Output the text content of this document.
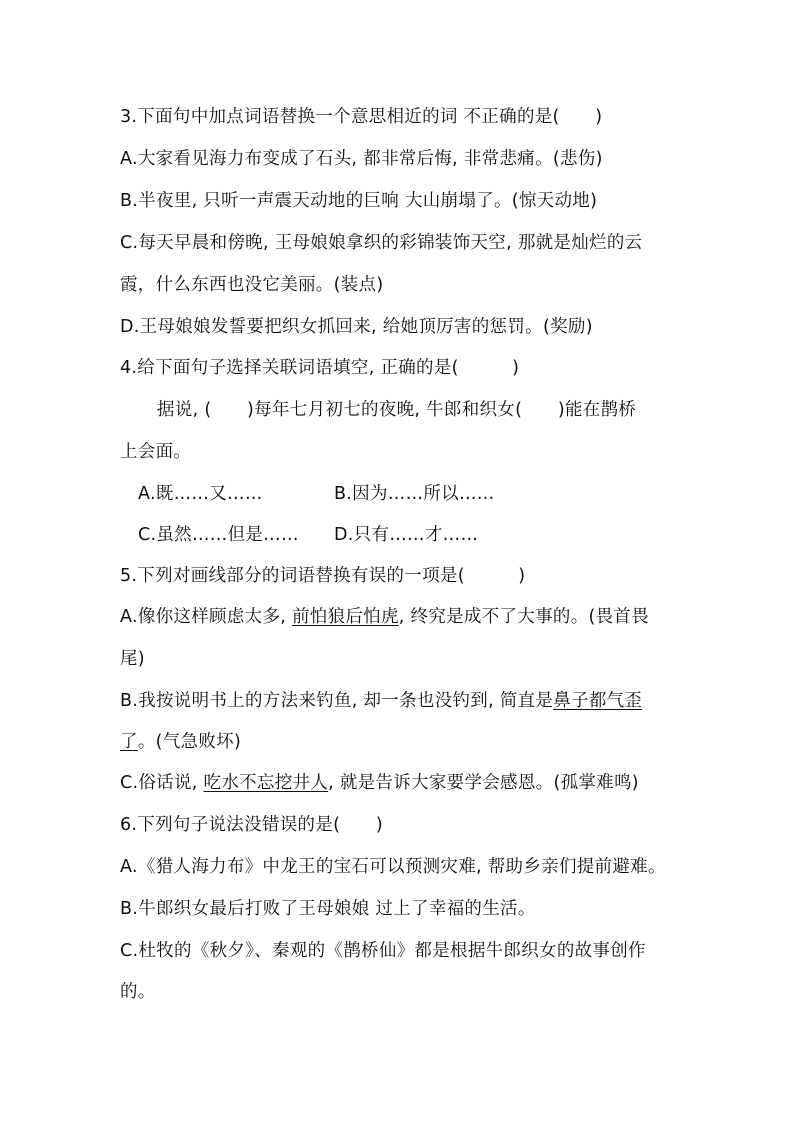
3.下面句中加点词语替换一个意思相近的词 不正确的是(　　)
A.大家看见海力布变成了石头, 都非常后悔, 非常悲痛。(悲伤)
B.半夜里, 只听一声震天动地的巨响 大山崩塌了。(惊天动地)
C.每天早晨和傍晚, 王母娘娘拿织的彩锦装饰天空, 那就是灿烂的云
霞，什么东西也没它美丽。(装点)
D.王母娘娘发誓要把织女抓回来, 给她顶厉害的惩罚。(奖励)
4.给下面句子选择关联词语填空, 正确的是(　　　)
据说, (　　)每年七月初七的夜晚, 牛郎和织女(　　)能在鹊桥
上会面。
A.既……又……	B.因为……所以……
C.虽然……但是…… D.只有……才……
5.下列对画线部分的词语替换有误的一项是(　　　)
A.像你这样顾虑太多, 前怕狼后怕虎, 终究是成不了大事的。(畏首畏
尾)
B.我按说明书上的方法来钓鱼, 却一条也没钓到, 简直是鼻子都气歪
了。(气急败坏)
C.俗话说, 吃水不忘挖井人, 就是告诉大家要学会感恩。(孤掌难鸣)
6.下列句子说法没错误的是(　　)
A.《猎人海力布》中龙王的宝石可以预测灾难, 帮助乡亲们提前避难。
B.牛郎织女最后打败了王母娘娘 过上了幸福的生活。
C.杜牧的《秋夕》、秦观的《鹊桥仙》都是根据牛郎织女的故事创作
的。
